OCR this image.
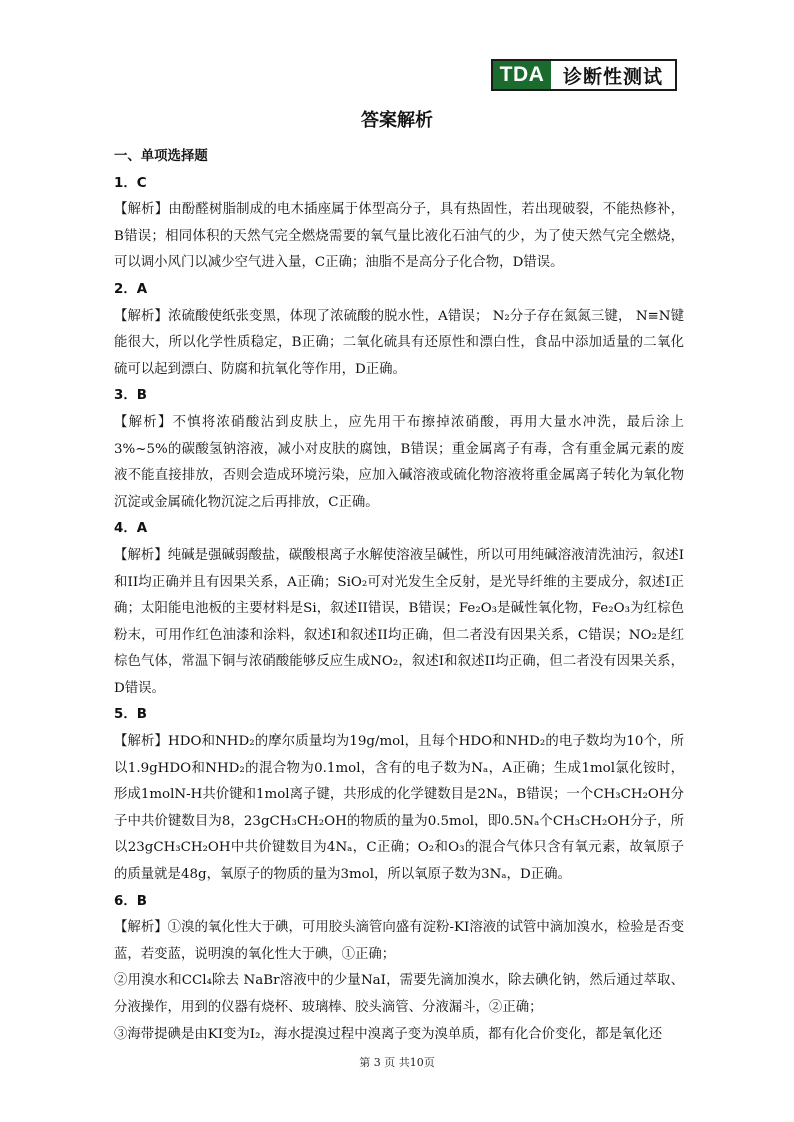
TDA 诊断性测试
答案解析
一、单项选择题
1．C

【解析】由酚醛树脂制成的电木插座属于体型高分子，具有热固性，若出现破裂，不能热修补，B错误；相同体积的天然气完全燃烧需要的氧气量比液化石油气的少，为了使天然气完全燃烧，可以调小风门以减少空气进入量，C正确；油脂不是高分子化合物，D错误。

2．A

【解析】浓硫酸使纸张变黑，体现了浓硫酸的脱水性，A错误； N₂分子存在氮氮三键， N≡N键能很大，所以化学性质稳定，B正确；二氧化硫具有还原性和漂白性，食品中添加适量的二氧化硫可以起到漂白、防腐和抗氧化等作用，D正确。

3．B

【解析】不慎将浓硝酸沾到皮肤上，应先用干布擦掉浓硝酸，再用大量水冲洗，最后涂上3%~5%的碳酸氢钠溶液，减小对皮肤的腐蚀，B错误；重金属离子有毒，含有重金属元素的废液不能直接排放，否则会造成环境污染，应加入碱溶液或硫化物溶液将重金属离子转化为氧化物沉淀或金属硫化物沉淀之后再排放，C正确。

4．A

【解析】纯碱是强碱弱酸盐，碳酸根离子水解使溶液呈碱性，所以可用纯碱溶液清洗油污，叙述I和II均正确并且有因果关系，A正确；SiO₂可对光发生全反射，是光导纤维的主要成分，叙述I正确；太阳能电池板的主要材料是Si，叙述II错误，B错误；Fe₂O₃是碱性氧化物，Fe₂O₃为红棕色粉末，可用作红色油漆和涂料，叙述I和叙述II均正确，但二者没有因果关系，C错误；NO₂是红棕色气体，常温下铜与浓硝酸能够反应生成NO₂，叙述I和叙述II均正确，但二者没有因果关系，D错误。

5．B

【解析】HDO和NHD₂的摩尔质量均为19g/mol，且每个HDO和NHD₂的电子数均为10个，所以1.9gHDO和NHD₂的混合物为0.1mol，含有的电子数为Nₐ，A正确；生成1mol氯化铵时，形成1molN-H共价键和1mol离子键，共形成的化学键数目是2Nₐ，B错误；一个CH₃CH₂OH分子中共价键数目为8，23gCH₃CH₂OH的物质的量为0.5mol，即0.5Nₐ个CH₃CH₂OH分子，所以23gCH₃CH₂OH中共价键数目为4Nₐ，C正确；O₂和O₃的混合气体只含有氧元素，故氧原子的质量就是48g，氧原子的物质的量为3mol，所以氧原子数为3Nₐ，D正确。

6．B

【解析】①溴的氧化性大于碘，可用胶头滴管向盛有淀粉-KI溶液的试管中滴加溴水，检验是否变蓝，若变蓝，说明溴的氧化性大于碘，①正确；

②用溴水和CCl₄除去 NaBr溶液中的少量NaI，需要先滴加溴水，除去碘化钠，然后通过萃取、分液操作，用到的仪器有烧杯、玻璃棒、胶头滴管、分液漏斗，②正确；

③海带提碘是由KI变为I₂，海水提溴过程中溴离子变为溴单质，都有化合价变化，都是氧化还

第 3 页 共10页
